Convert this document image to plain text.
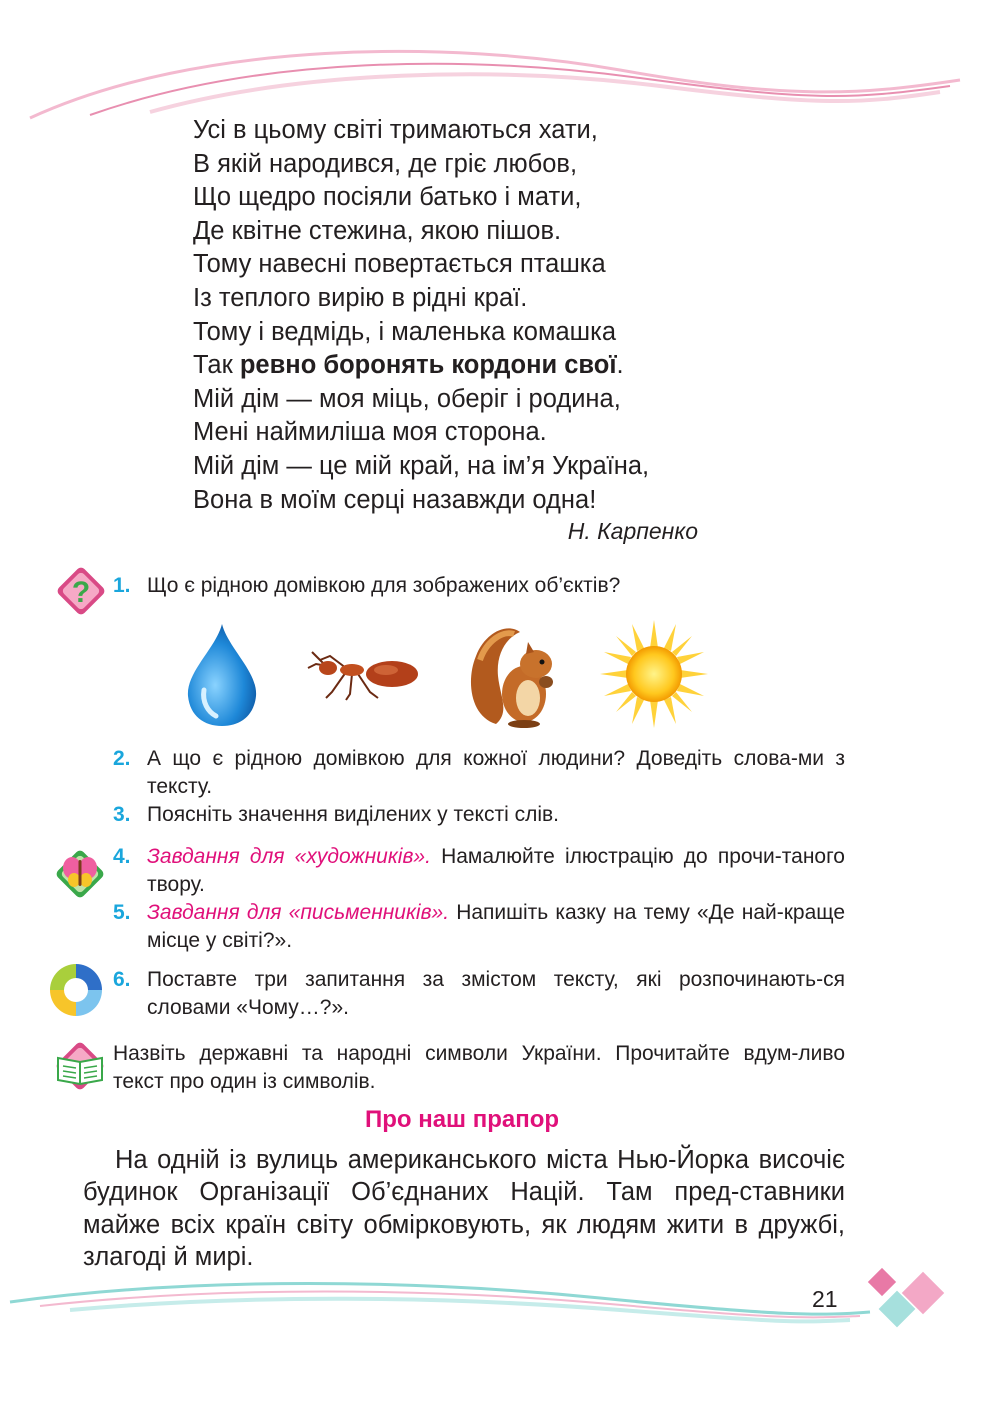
Усі в цьому світі тримаються хати,
В якій народився, де гріє любов,
Що щедро посіяли батько і мати,
Де квітне стежина, якою пішов.
Тому навесні повертається пташка
Із теплого вирію в рідні краї.
Тому і ведмідь, і маленька комашка
Так ревно боронять кордони свої.
Мій дім — моя міць, оберіг і родина,
Мені наймиліша моя сторона.
Мій дім — це мій край, на ім’я Україна,
Вона в моїм серці назавжди одна!
Н. Карпенко
? 1. Що є рідною домівкою для зображених об’єктів?
2. А що є рідною домівкою для кожної людини? Доведіть слова-ми з тексту.
3. Поясніть значення виділених у тексті слів.
4. Завдання для «художників». Намалюйте ілюстрацію до прочи-таного твору.
5. Завдання для «письменників». Напишіть казку на тему «Де най-краще місце у світі?».
6. Поставте три запитання за змістом тексту, які розпочинають-ся словами «Чому…?».
Назвіть державні та народні символи України. Прочитайте вдум-ливо текст про один із символів.
Про наш прапор
На одній із вулиць американського міста Нью-Йорка височіє будинок Організації Об’єднаних Націй. Там пред-ставники майже всіх країн світу обмірковують, як людям жити в дружбі, злагоді й мирі.
21
